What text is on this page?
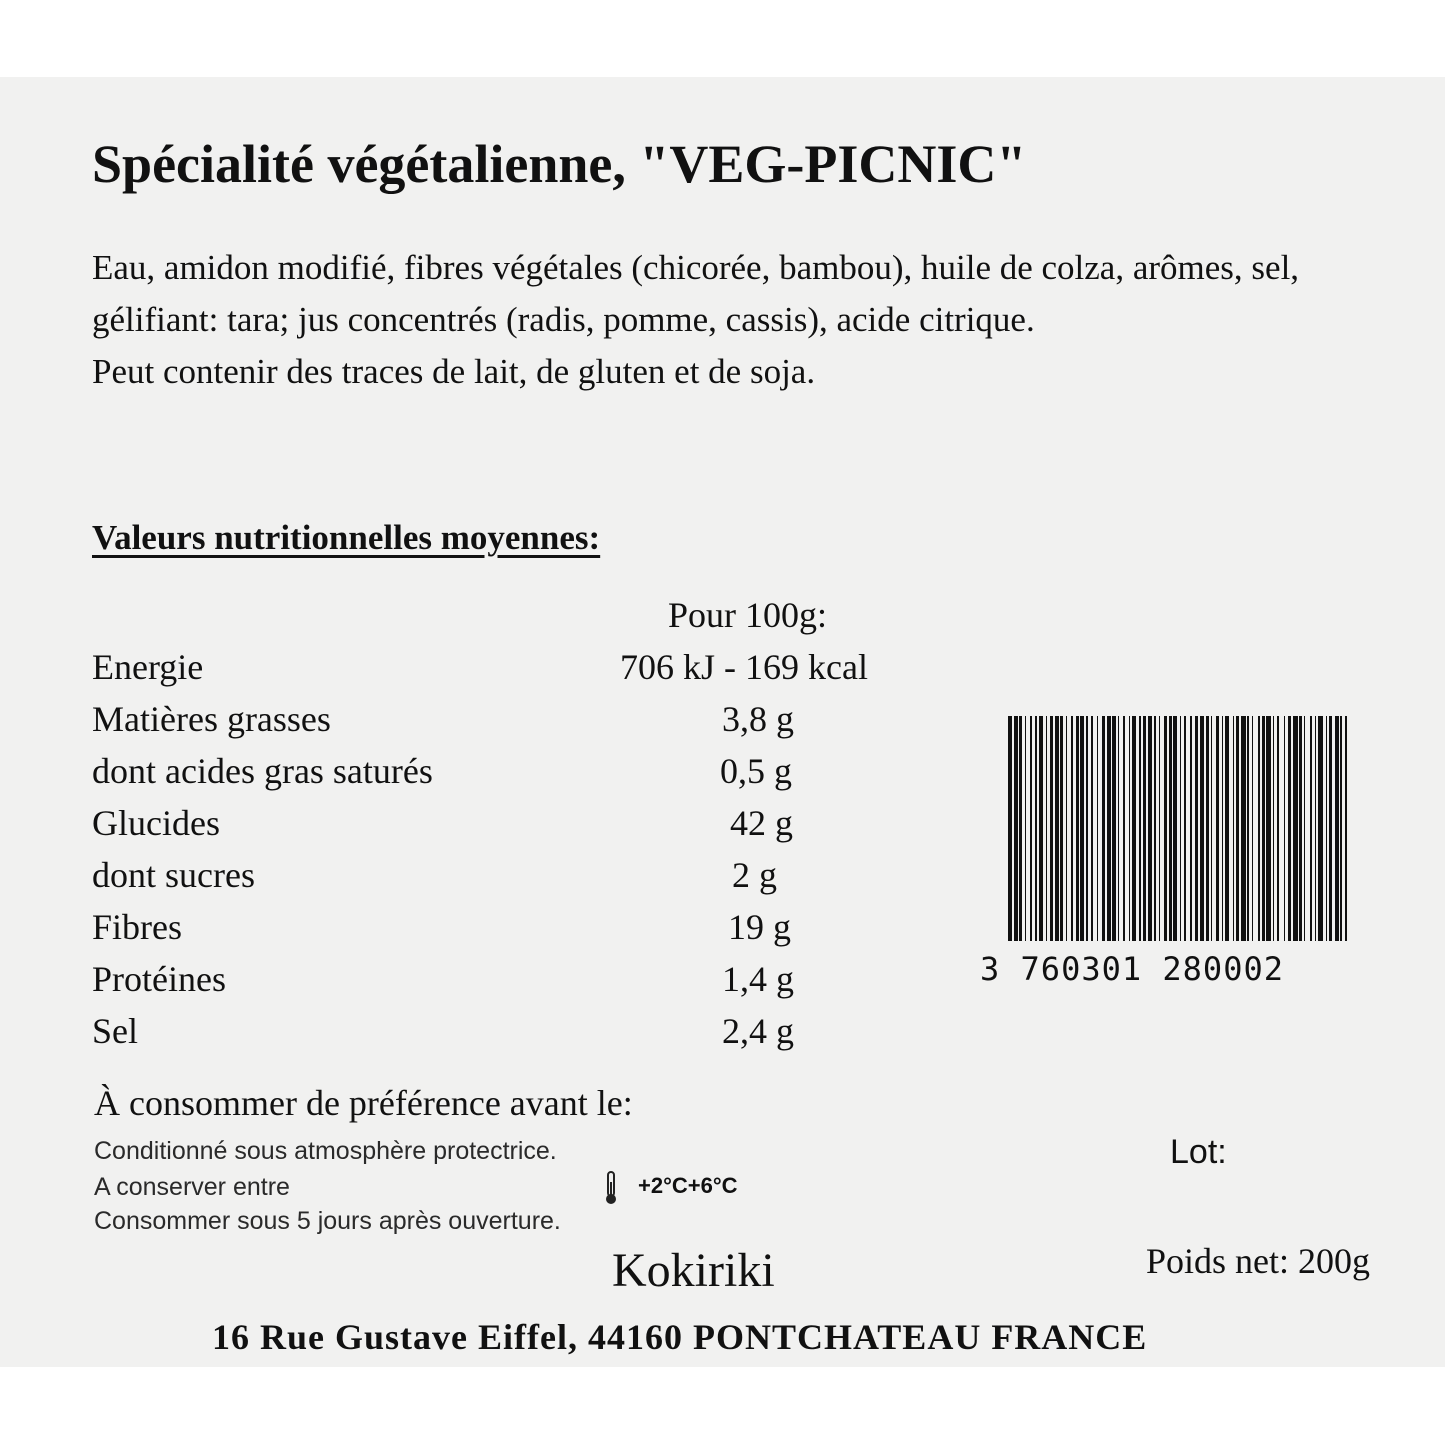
Spécialité végétalienne, "VEG-PICNIC"

Eau, amidon modifié, fibres végétales (chicorée, bambou), huile de colza, arômes, sel, gélifiant: tara; jus concentrés (radis, pomme, cassis), acide citrique.

Peut contenir des traces de lait, de gluten et de soja.

Valeurs nutritionnelles moyennes:
Pour 100g:
Energie	706 kJ - 169 kcal
Matières grasses	3,8 g
dont acides gras saturés	0,5 g
Glucides	42 g
dont sucres	2 g
Fibres	19 g
Protéines	1,4 g
Sel	2,4 g
3 760301 280002
À consommer de préférence avant le:
Conditionné sous atmosphère protectrice.
A conserver entre
Consommer sous 5 jours après ouverture.
+2°C+6°C
Lot:
Kokiriki	Poids net: 200g
16 Rue Gustave Eiffel, 44160 PONTCHATEAU FRANCE
